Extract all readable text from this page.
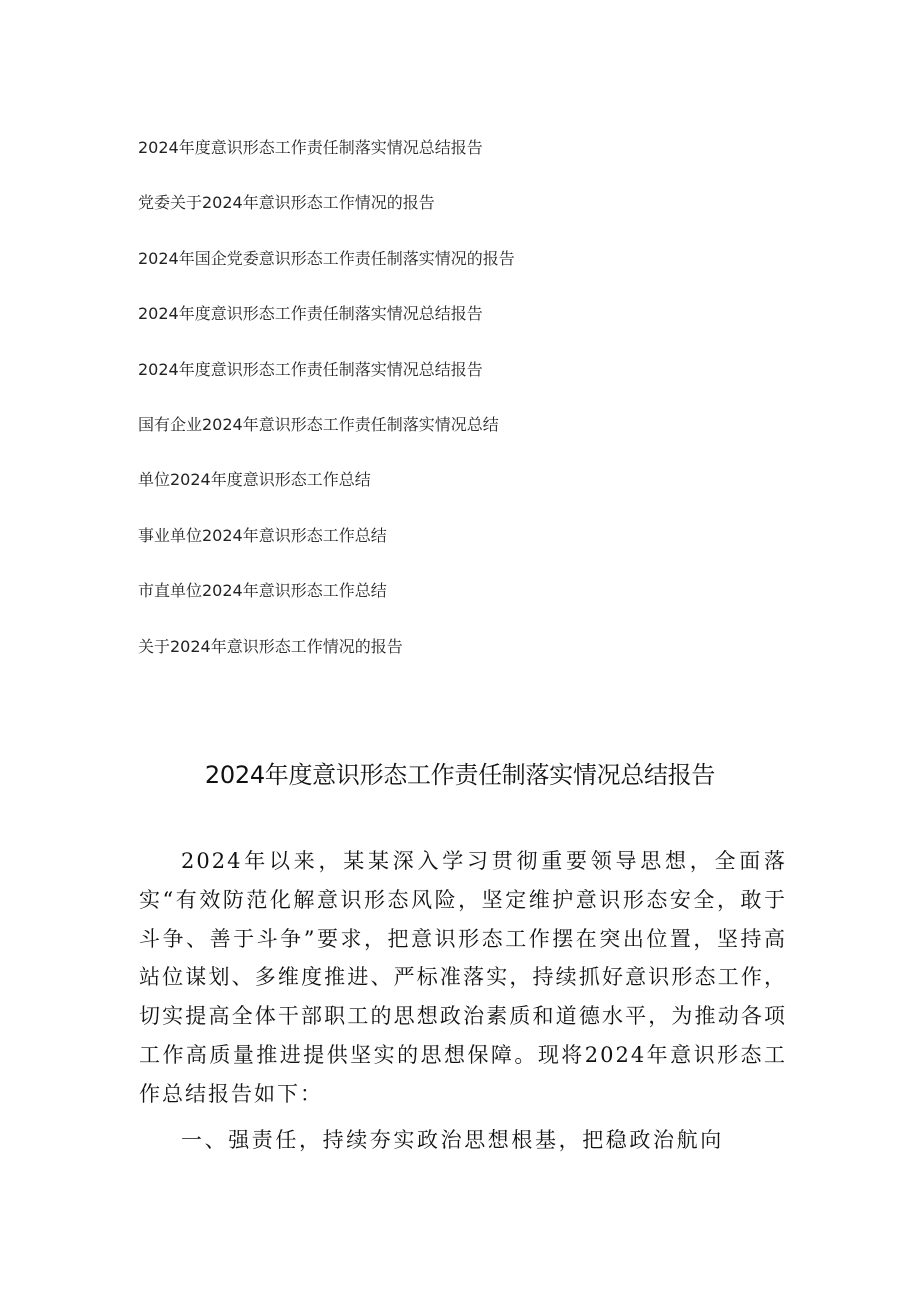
2024年度意识形态工作责任制落实情况总结报告
党委关于2024年意识形态工作情况的报告
2024年国企党委意识形态工作责任制落实情况的报告
2024年度意识形态工作责任制落实情况总结报告
2024年度意识形态工作责任制落实情况总结报告
国有企业2024年意识形态工作责任制落实情况总结
单位2024年度意识形态工作总结
事业单位2024年意识形态工作总结
市直单位2024年意识形态工作总结
关于2024年意识形态工作情况的报告
2024年度意识形态工作责任制落实情况总结报告

2024年以来，某某深入学习贯彻重要领导思想，全面落实“有效防范化解意识形态风险，坚定维护意识形态安全，敢于斗争、善于斗争”要求，把意识形态工作摆在突出位置，坚持高站位谋划、多维度推进、严标准落实，持续抓好意识形态工作，切实提高全体干部职工的思想政治素质和道德水平，为推动各项工作高质量推进提供坚实的思想保障。现将2024年意识形态工作总结报告如下：

一、强责任，持续夯实政治思想根基，把稳政治航向
